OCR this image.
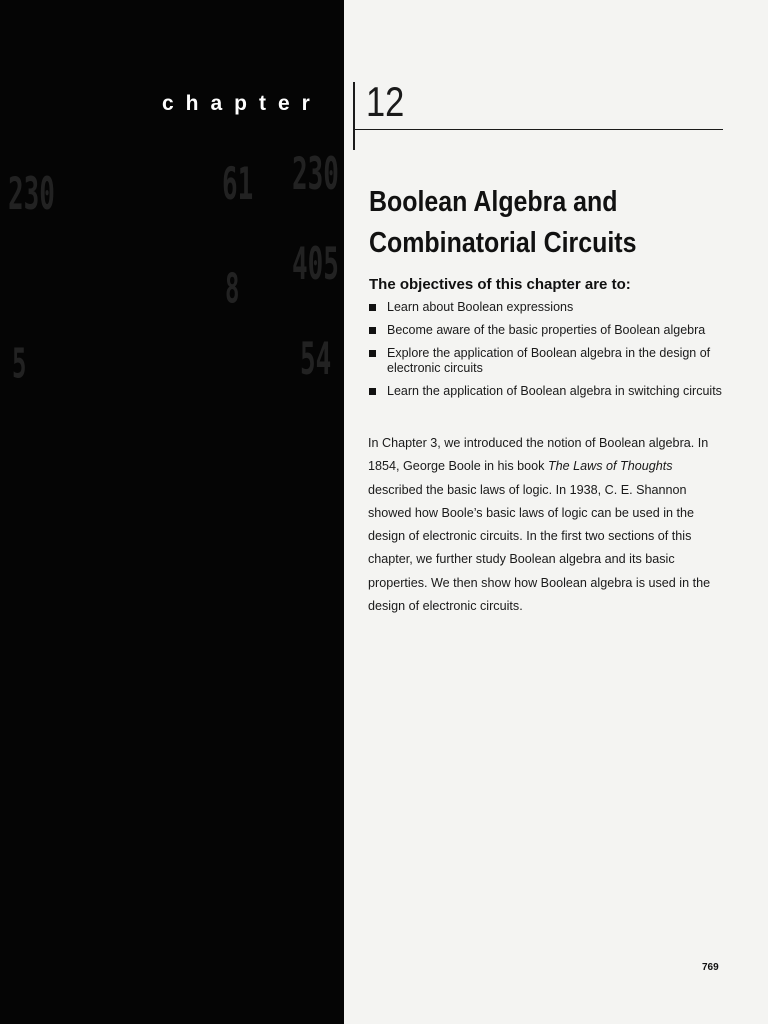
230	61 230
405
54
5
8
chapter 12
Boolean Algebra and
Combinatorial Circuits

The objectives of this chapter are to:

Learn about Boolean expressions
Become aware of the basic properties of Boolean algebra
Explore the application of Boolean algebra in the design of electronic circuits
Learn the application of Boolean algebra in switching circuits

In Chapter 3, we introduced the notion of Boolean algebra. In 1854, George Boole in his book The Laws of Thoughts described the basic laws of logic. In 1938, C. E. Shannon showed how Boole’s basic laws of logic can be used in the design of electronic circuits. In the first two sections of this chapter, we further study Boolean algebra and its basic properties. We then show how Boolean algebra is used in the design of electronic circuits.

769
